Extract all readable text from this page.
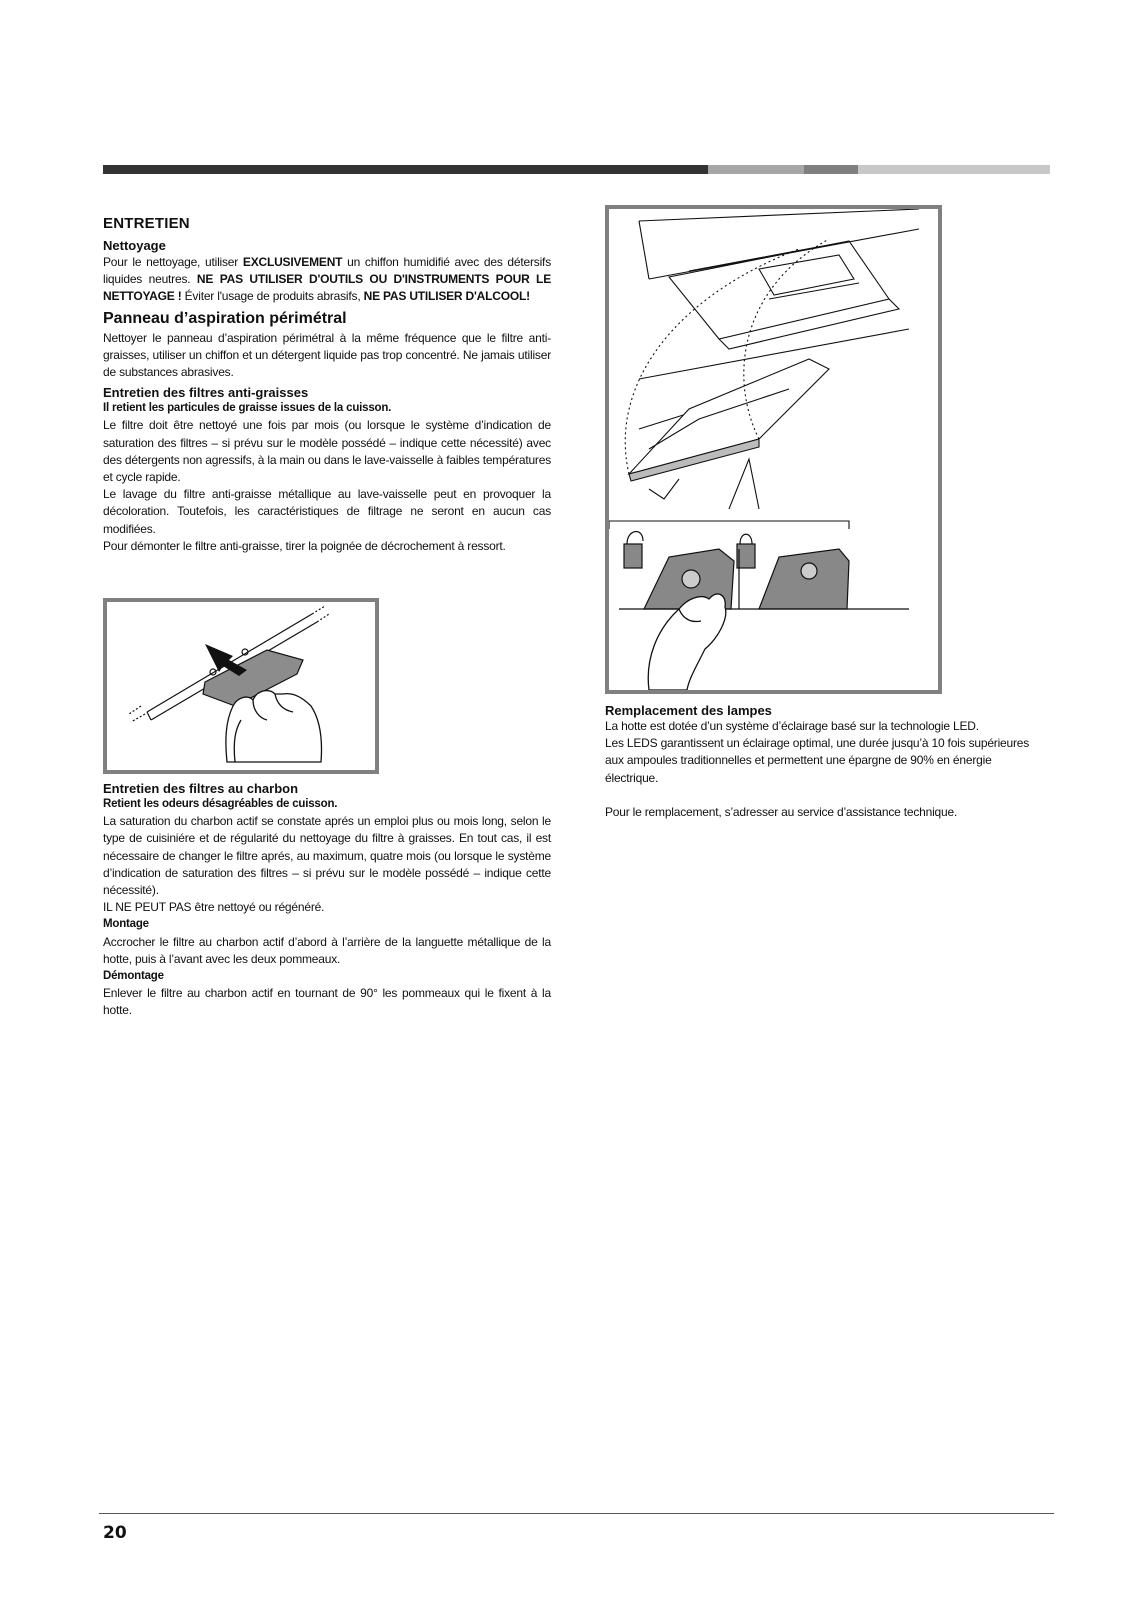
ENTRETIEN
Nettoyage

Pour le nettoyage, utiliser EXCLUSIVEMENT un chiffon humidifié avec des détersifs liquides neutres. NE PAS UTILISER D'OUTILS OU D'INSTRUMENTS POUR LE NETTOYAGE ! Éviter l'usage de produits abrasifs, NE PAS UTILISER D'ALCOOL!

Panneau d’aspiration périmétral

Nettoyer le panneau d’aspiration périmétral à la même fréquence que le filtre anti-graisses, utiliser un chiffon et un détergent liquide pas trop concentré. Ne jamais utiliser de substances abrasives.

Entretien des filtres anti-graisses

Il retient les particules de graisse issues de la cuisson.

Le filtre doit être nettoyé une fois par mois (ou lorsque le système d’indication de saturation des filtres – si prévu sur le modèle possédé – indique cette nécessité) avec des détergents non agressifs, à la main ou dans le lave-vaisselle à faibles températures et cycle rapide.

Le lavage du filtre anti-graisse métallique au lave-vaisselle peut en provoquer la décoloration. Toutefois, les caractéristiques de filtrage ne seront en aucun cas modifiées.

Pour démonter le filtre anti-graisse, tirer la poignée de décrochement à ressort.

Entretien des filtres au charbon

Retient les odeurs désagréables de cuisson.

La saturation du charbon actif se constate aprés un emploi plus ou mois long, selon le type de cuisiniére et de régularité du nettoyage du filtre à graisses. En tout cas, il est nécessaire de changer le filtre aprés, au maximum, quatre mois (ou lorsque le système d’indication de saturation des filtres – si prévu sur le modèle possédé – indique cette nécessité).

IL NE PEUT PAS être nettoyé ou régénéré.

Montage

Accrocher le filtre au charbon actif d’abord à l’arrière de la languette métallique de la hotte, puis à l’avant avec les deux pommeaux.

Démontage

Enlever le filtre au charbon actif en tournant de 90° les pommeaux qui le fixent à la hotte.

Remplacement des lampes

La hotte est dotée d’un système d’éclairage basé sur la technologie LED.

Les LEDS garantissent un éclairage optimal, une durée jusqu’à 10 fois supérieures aux ampoules traditionnelles et permettent une épargne de 90% en énergie électrique.

Pour le remplacement, s’adresser au service d’assistance technique.

20
